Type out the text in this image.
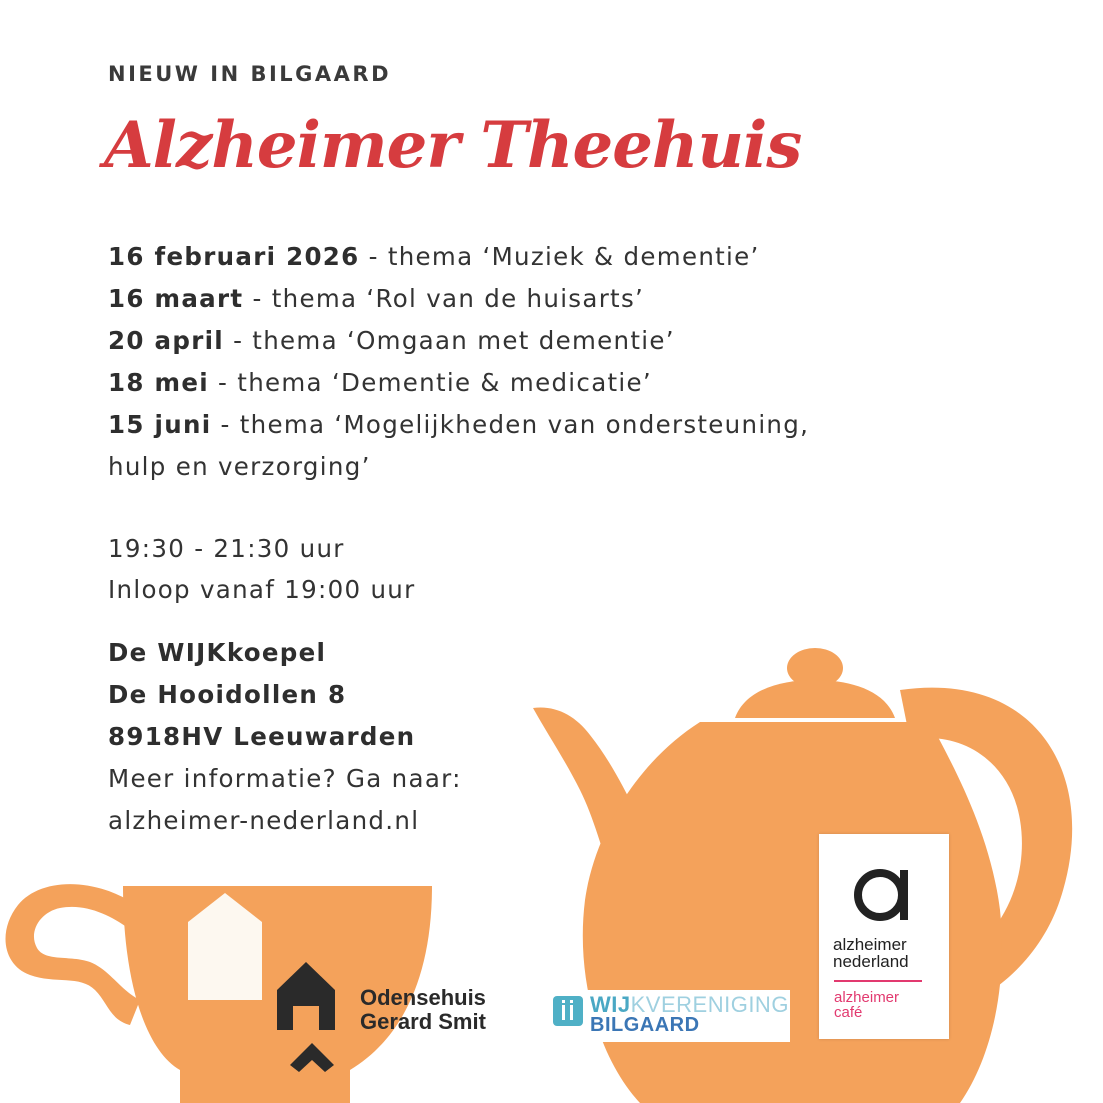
NIEUW IN BILGAARD
Alzheimer Theehuis
16 februari 2026 - thema ‘Muziek & dementie’
16 maart - thema ‘Rol van de huisarts’
20 april - thema ‘Omgaan met dementie’
18 mei - thema ‘Dementie & medicatie’
15 juni - thema ‘Mogelijkheden van ondersteuning,
hulp en verzorging’
19:30 - 21:30 uur
Inloop vanaf 19:00 uur
De WIJKkoepel
De Hooidollen 8
8918HV Leeuwarden
Meer informatie? Ga naar:
alzheimer-nederland.nl
Odensehuis
Gerard Smit
WIJKVERENIGING
BILGAARD
alzheimer
nederland
alzheimer
café
